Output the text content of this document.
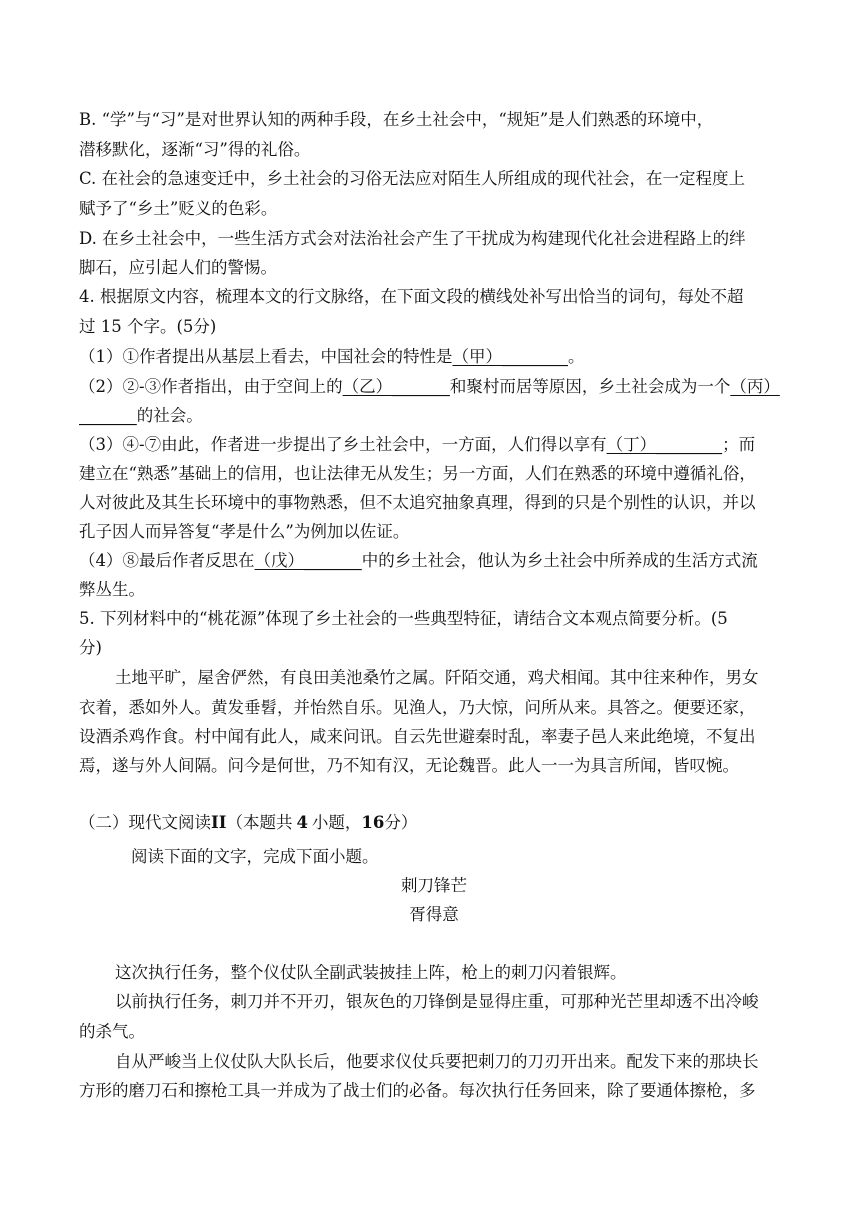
B. “学”与“习”是对世界认知的两种手段，在乡土社会中，“规矩”是人们熟悉的环境中，
潜移默化，逐渐“习”得的礼俗。
C. 在社会的急速变迁中，乡土社会的习俗无法应对陌生人所组成的现代社会，在一定程度上
赋予了“乡土”贬义的色彩。
D. 在乡土社会中，一些生活方式会对法治社会产生了干扰成为构建现代化社会进程路上的绊
脚石，应引起人们的警惕。
4. 根据原文内容，梳理本文的行文脉络，在下面文段的横线处补写出恰当的词句，每处不超
过 15 个字。(5分)
（1）①作者提出从基层上看去，中国社会的特性是（甲）________。
（2）②-③作者指出，由于空间上的（乙）_______和聚村而居等原因，乡土社会成为一个（丙）
_______的社会。
（3）④-⑦由此，作者进一步提出了乡土社会中，一方面，人们得以享有（丁）________；而
建立在“熟悉”基础上的信用，也让法律无从发生；另一方面，人们在熟悉的环境中遵循礼俗，
人对彼此及其生长环境中的事物熟悉，但不太追究抽象真理，得到的只是个别性的认识，并以
孔子因人而异答复“孝是什么”为例加以佐证。
（4）⑧最后作者反思在（戊）_______中的乡土社会，他认为乡土社会中所养成的生活方式流
弊丛生。
5. 下列材料中的“桃花源”体现了乡土社会的一些典型特征，请结合文本观点简要分析。(5
分)
土地平旷，屋舍俨然，有良田美池桑竹之属。阡陌交通，鸡犬相闻。其中往来种作，男女
衣着，悉如外人。黄发垂髫，并怡然自乐。见渔人，乃大惊，问所从来。具答之。便要还家，
设酒杀鸡作食。村中闻有此人，咸来问讯。自云先世避秦时乱，率妻子邑人来此绝境，不复出
焉，遂与外人间隔。问今是何世，乃不知有汉，无论魏晋。此人一一为具言所闻，皆叹惋。
（二）现代文阅读II（本题共 4 小题，16分）
阅读下面的文字，完成下面小题。
刺刀锋芒
胥得意
这次执行任务，整个仪仗队全副武装披挂上阵，枪上的刺刀闪着银辉。
以前执行任务，刺刀并不开刃，银灰色的刀锋倒是显得庄重，可那种光芒里却透不出冷峻
的杀气。
自从严峻当上仪仗队大队长后，他要求仪仗兵要把刺刀的刀刃开出来。配发下来的那块长
方形的磨刀石和擦枪工具一并成为了战士们的必备。每次执行任务回来，除了要通体擦枪，多
